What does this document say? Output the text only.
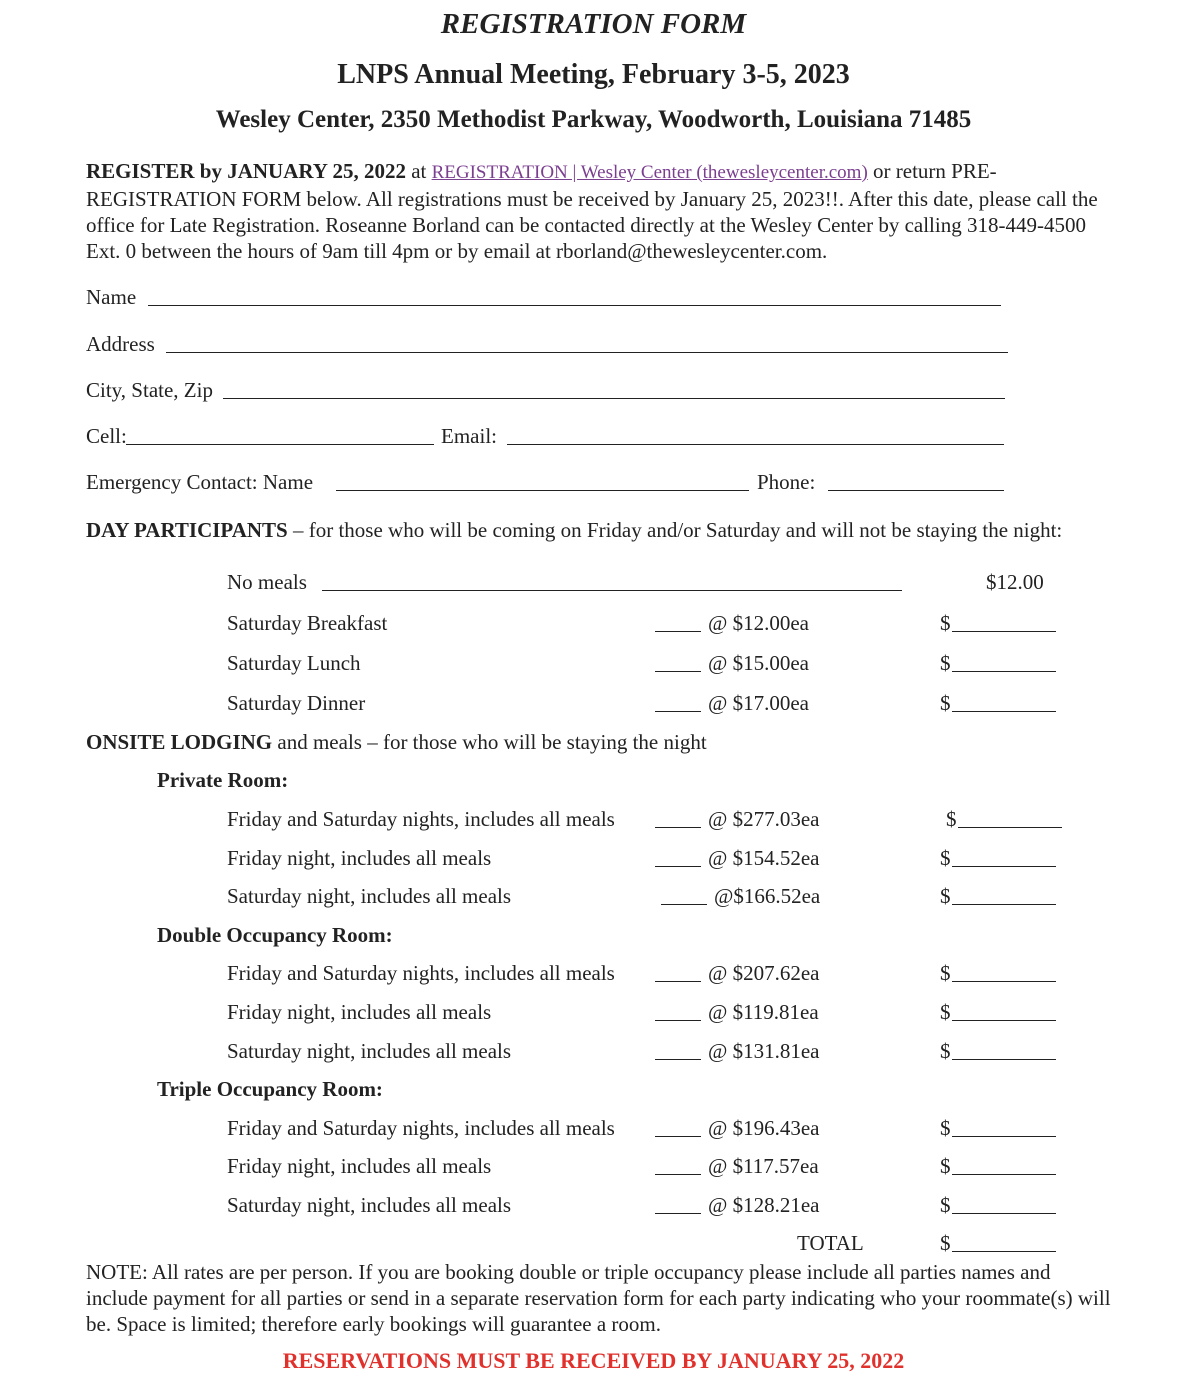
REGISTRATION FORM
LNPS Annual Meeting, February 3-5, 2023
Wesley Center, 2350 Methodist Parkway, Woodworth, Louisiana 71485
REGISTER by JANUARY 25, 2022 at REGISTRATION | Wesley Center (thewesleycenter.com) or return PRE-REGISTRATION FORM below. All registrations must be received by January 25, 2023!!. After this date, please call the office for Late Registration. Roseanne Borland can be contacted directly at the Wesley Center by calling 318-449-4500 Ext. 0 between the hours of 9am till 4pm or by email at rborland@thewesleycenter.com.
Name
Address
City, State, Zip
Cell:	Email:
Emergency Contact: Name	Phone:
DAY PARTICIPANTS – for those who will be coming on Friday and/or Saturday and will not be staying the night:
No meals	$12.00
Saturday Breakfast	@ $12.00ea	$
Saturday Lunch	@ $15.00ea	$
Saturday Dinner	@ $17.00ea	$
ONSITE LODGING and meals – for those who will be staying the night
Private Room:
Friday and Saturday nights, includes all meals	@ $277.03ea	$
Friday night, includes all meals	@ $154.52ea	$
Saturday night, includes all meals	@$166.52ea	$
Double Occupancy Room:
Friday and Saturday nights, includes all meals	@ $207.62ea	$
Friday night, includes all meals	@ $119.81ea	$
Saturday night, includes all meals	@ $131.81ea	$
Triple Occupancy Room:
Friday and Saturday nights, includes all meals	@ $196.43ea	$
Friday night, includes all meals	@ $117.57ea	$
Saturday night, includes all meals	@ $128.21ea	$
TOTAL	$
NOTE: All rates are per person. If you are booking double or triple occupancy please include all parties names and include payment for all parties or send in a separate reservation form for each party indicating who your roommate(s) will be. Space is limited; therefore early bookings will guarantee a room.
RESERVATIONS MUST BE RECEIVED BY JANUARY 25, 2022
